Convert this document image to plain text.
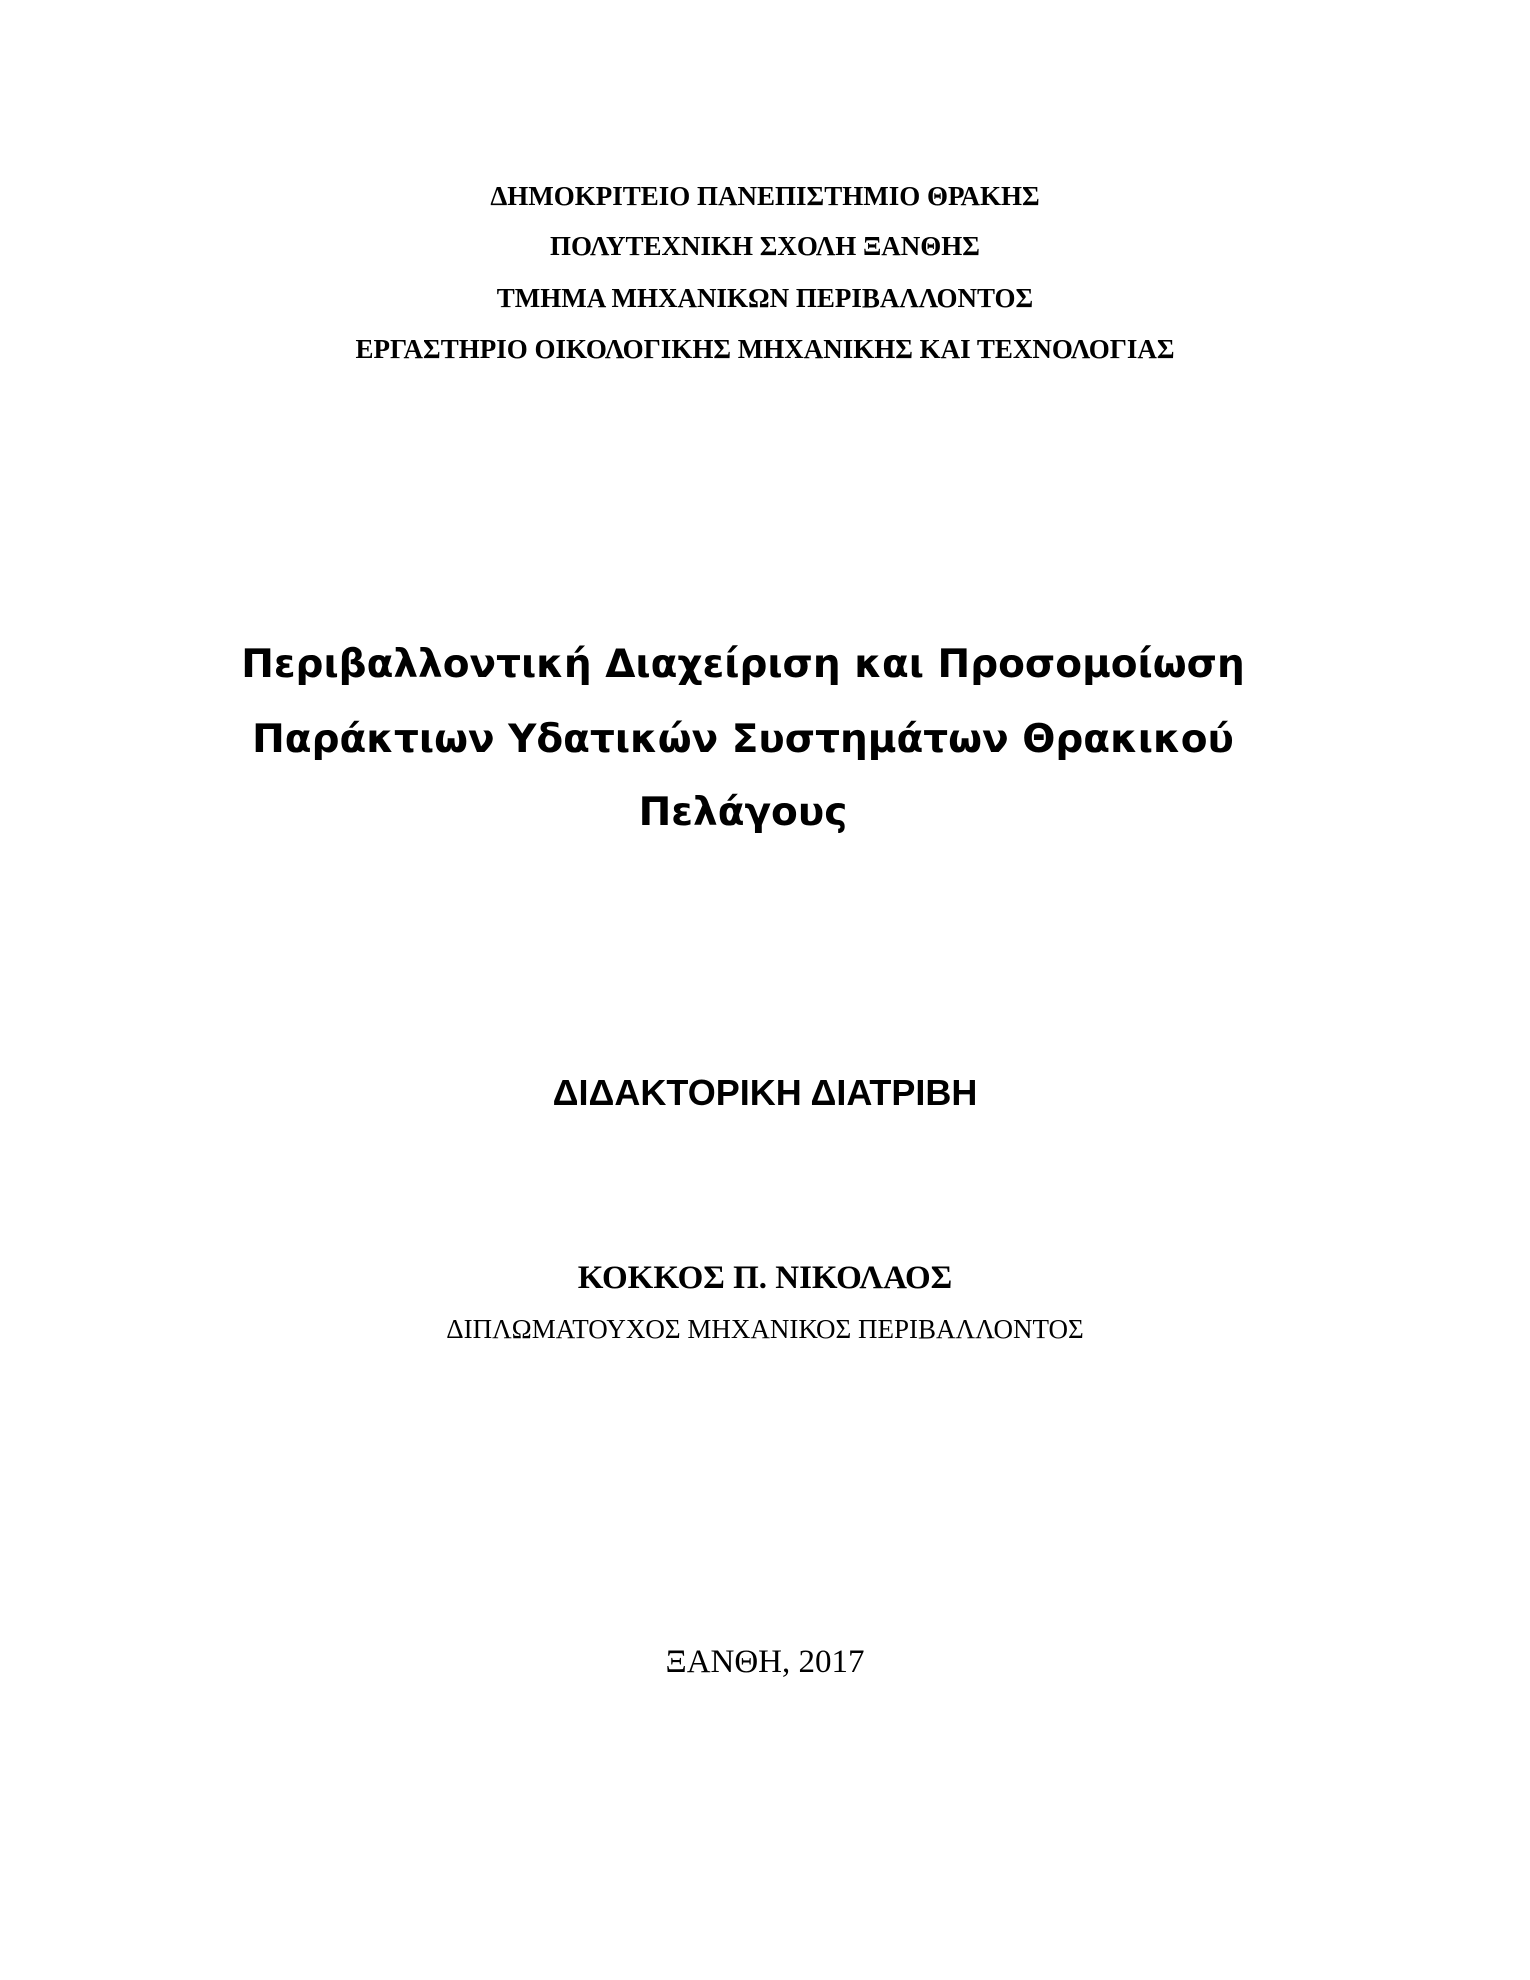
ΔΗΜΟΚΡΙΤΕΙΟ ΠΑΝΕΠΙΣΤΗΜΙΟ ΘΡΑΚΗΣ
ΠΟΛΥΤΕΧΝΙΚΗ ΣΧΟΛΗ ΞΑΝΘΗΣ
ΤΜΗΜΑ ΜΗΧΑΝΙΚΩΝ ΠΕΡΙΒΑΛΛΟΝΤΟΣ
ΕΡΓΑΣΤΗΡΙΟ ΟΙΚΟΛΟΓΙΚΗΣ ΜΗΧΑΝΙΚΗΣ ΚΑΙ ΤΕΧΝΟΛΟΓΙΑΣ
Περιβαλλοντική Διαχείριση και Προσομοίωση
Παράκτιων Υδατικών Συστημάτων Θρακικού
Πελάγους
ΔΙΔΑΚΤΟΡΙΚΗ ΔΙΑΤΡΙΒΗ
ΚΟΚΚΟΣ Π. ΝΙΚΟΛΑΟΣ
ΔΙΠΛΩΜΑΤΟΥΧΟΣ ΜΗΧΑΝΙΚΟΣ ΠΕΡΙΒΑΛΛΟΝΤΟΣ
ΞΑΝΘΗ, 2017
